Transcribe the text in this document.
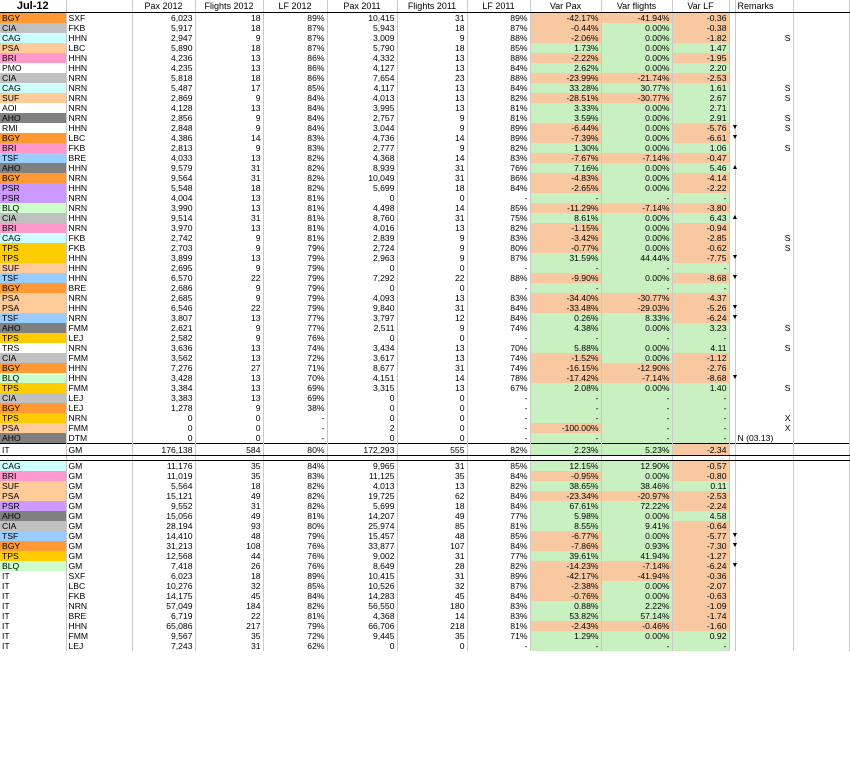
Jul-12		Pax 2012	Flights 2012	LF 2012	Pax 2011	Flights 2011	LF 2011	Var Pax	Var flights	Var LF		Remarks	
BGY	SXF	6,023	18	89%	10,415	31	89%	-42.17%	-41.94%	-0.36			
CIA	FKB	5,917	18	87%	5,943	18	87%	-0.44%	0.00%	-0.38			
CAG	HHN	2,947	9	87%	3,009	9	88%	-2.06%	0.00%	-1.82		S	
PSA	LBC	5,890	18	87%	5,790	18	85%	1.73%	0.00%	1.47			
BRI	HHN	4,236	13	86%	4,332	13	88%	-2.22%	0.00%	-1.95			
PMO	HHN	4,235	13	86%	4,127	13	84%	2.62%	0.00%	2.20			
CIA	NRN	5,818	18	86%	7,654	23	88%	-23.99%	-21.74%	-2.53			
CAG	NRN	5,487	17	85%	4,117	13	84%	33.28%	30.77%	1.61		S	
SUF	NRN	2,869	9	84%	4,013	13	82%	-28.51%	-30.77%	2.67		S	
AOI	NRN	4,128	13	84%	3,995	13	81%	3.33%	0.00%	2.71			
AHO	NRN	2,856	9	84%	2,757	9	81%	3.59%	0.00%	2.91		S	
RMI	HHN	2,848	9	84%	3,044	9	89%	-6.44%	0.00%	-5.76	▼	S	
BGY	LBC	4,386	14	83%	4,736	14	89%	-7.39%	0.00%	-6.61	▼		
BRI	FKB	2,813	9	83%	2,777	9	82%	1.30%	0.00%	1.06		S	
TSF	BRE	4,033	13	82%	4,368	14	83%	-7.67%	-7.14%	-0.47			
AHO	HHN	9,579	31	82%	8,939	31	76%	7.16%	0.00%	5.46	▲		
BGY	NRN	9,564	31	82%	10,049	31	86%	-4.83%	0.00%	-4.14			
PSR	HHN	5,548	18	82%	5,699	18	84%	-2.65%	0.00%	-2.22			
PSR	NRN	4,004	13	81%	0	0	-	-	-	-			
BLQ	NRN	3,990	13	81%	4,498	14	85%	-11.29%	-7.14%	-3.80			
CIA	HHN	9,514	31	81%	8,760	31	75%	8.61%	0.00%	6.43	▲		
BRI	NRN	3,970	13	81%	4,016	13	82%	-1.15%	0.00%	-0.94			
CAG	FKB	2,742	9	81%	2,839	9	83%	-3.42%	0.00%	-2.85		S	
TPS	FKB	2,703	9	79%	2,724	9	80%	-0.77%	0.00%	-0.62		S	
TPS	HHN	3,899	13	79%	2,963	9	87%	31.59%	44.44%	-7.75	▼		
SUF	HHN	2,695	9	79%	0	0	-	-	-	-			
TSF	HHN	6,570	22	79%	7,292	22	88%	-9.90%	0.00%	-8.68	▼		
BGY	BRE	2,686	9	79%	0	0	-	-	-	-			
PSA	NRN	2,685	9	79%	4,093	13	83%	-34.40%	-30.77%	-4.37			
PSA	HHN	6,546	22	79%	9,840	31	84%	-33.48%	-29.03%	-5.26	▼		
TSF	NRN	3,807	13	77%	3,797	12	84%	0.26%	8.33%	-6.24	▼		
AHO	FMM	2,621	9	77%	2,511	9	74%	4.38%	0.00%	3.23		S	
TPS	LEJ	2,582	9	76%	0	0	-	-	-	-			
TRS	NRN	3,636	13	74%	3,434	13	70%	5.88%	0.00%	4.11		S	
CIA	FMM	3,562	13	72%	3,617	13	74%	-1.52%	0.00%	-1.12			
BGY	HHN	7,276	27	71%	8,677	31	74%	-16.15%	-12.90%	-2.76			
BLQ	HHN	3,428	13	70%	4,151	14	78%	-17.42%	-7.14%	-8.68	▼		
TPS	FMM	3,384	13	69%	3,315	13	67%	2.08%	0.00%	1.40		S	
CIA	LEJ	3,383	13	69%	0	0	-	-	-	-			
BGY	LEJ	1,278	9	38%	0	0	-	-	-	-			
TPS	NRN	0	0	-	0	0	-	-	-	-		X	
PSA	FMM	0	0	-	2	0	-	-100.00%	-	-		X	
AHO	DTM	0	0	-	0	0	-	-	-	-		N (03.13)	
IT	GM	176,138	584	80%	172,293	555	82%	2.23%	5.23%	-2.34			

CAG	GM	11,176	35	84%	9,965	31	85%	12.15%	12.90%	-0.57			
BRI	GM	11,019	35	83%	11,125	35	84%	-0.95%	0.00%	-0.80			
SUF	GM	5,564	18	82%	4,013	13	82%	38.65%	38.46%	0.11			
PSA	GM	15,121	49	82%	19,725	62	84%	-23.34%	-20.97%	-2.53			
PSR	GM	9,552	31	82%	5,699	18	84%	67.61%	72.22%	-2.24			
AHO	GM	15,056	49	81%	14,207	49	77%	5.98%	0.00%	4.58			
CIA	GM	28,194	93	80%	25,974	85	81%	8.55%	9.41%	-0.64			
TSF	GM	14,410	48	79%	15,457	48	85%	-6.77%	0.00%	-5.77	▼		
BGY	GM	31,213	108	76%	33,877	107	84%	-7.86%	0.93%	-7.30	▼		
TPS	GM	12,568	44	76%	9,002	31	77%	39.61%	41.94%	-1.27			
BLQ	GM	7,418	26	76%	8,649	28	82%	-14.23%	-7.14%	-6.24	▼		
IT	SXF	6,023	18	89%	10,415	31	89%	-42.17%	-41.94%	-0.36			
IT	LBC	10,276	32	85%	10,526	32	87%	-2.38%	0.00%	-2.07			
IT	FKB	14,175	45	84%	14,283	45	84%	-0.76%	0.00%	-0.63			
IT	NRN	57,049	184	82%	56,550	180	83%	0.88%	2.22%	-1.09			
IT	BRE	6,719	22	81%	4,368	14	83%	53.82%	57.14%	-1.74			
IT	HHN	65,086	217	79%	66,706	218	81%	-2.43%	-0.46%	-1.60			
IT	FMM	9,567	35	72%	9,445	35	71%	1.29%	0.00%	0.92			
IT	LEJ	7,243	31	62%	0	0	-	-	-	-			
